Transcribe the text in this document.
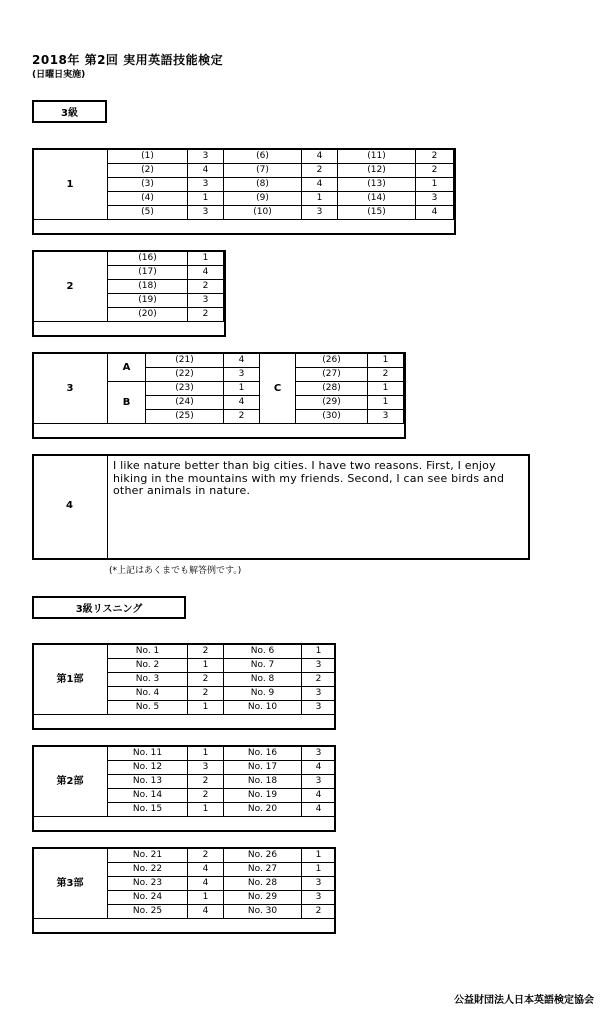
2018年 第2回 実用英語技能検定
(日曜日実施)
3級
1	(1)	3	(6)	4	(11)	2
	(2)	4	(7)	2	(12)	2
	(3)	3	(8)	4	(13)	1
	(4)	1	(9)	1	(14)	3
	(5)	3	(10)	3	(15)	4
2	(16)	1
	(17)	4
	(18)	2
	(19)	3
	(20)	2
3	A	(21)	4	C	(26)	1
		(22)	3		(27)	2
	B	(23)	1		(28)	1
		(24)	4		(29)	1
		(25)	2		(30)	3
4
I like nature better than big cities. I have two reasons. First, I enjoy hiking in the mountains with my friends. Second, I can see birds and other animals in nature.
(*上記はあくまでも解答例です。)
3級リスニング
第1部	No. 1	2	No. 6	1
	No. 2	1	No. 7	3
	No. 3	2	No. 8	2
	No. 4	2	No. 9	3
	No. 5	1	No. 10	3
第2部	No. 11	1	No. 16	3
	No. 12	3	No. 17	4
	No. 13	2	No. 18	3
	No. 14	2	No. 19	4
	No. 15	1	No. 20	4
第3部	No. 21	2	No. 26	1
	No. 22	4	No. 27	1
	No. 23	4	No. 28	3
	No. 24	1	No. 29	3
	No. 25	4	No. 30	2
公益財団法人日本英語検定協会
